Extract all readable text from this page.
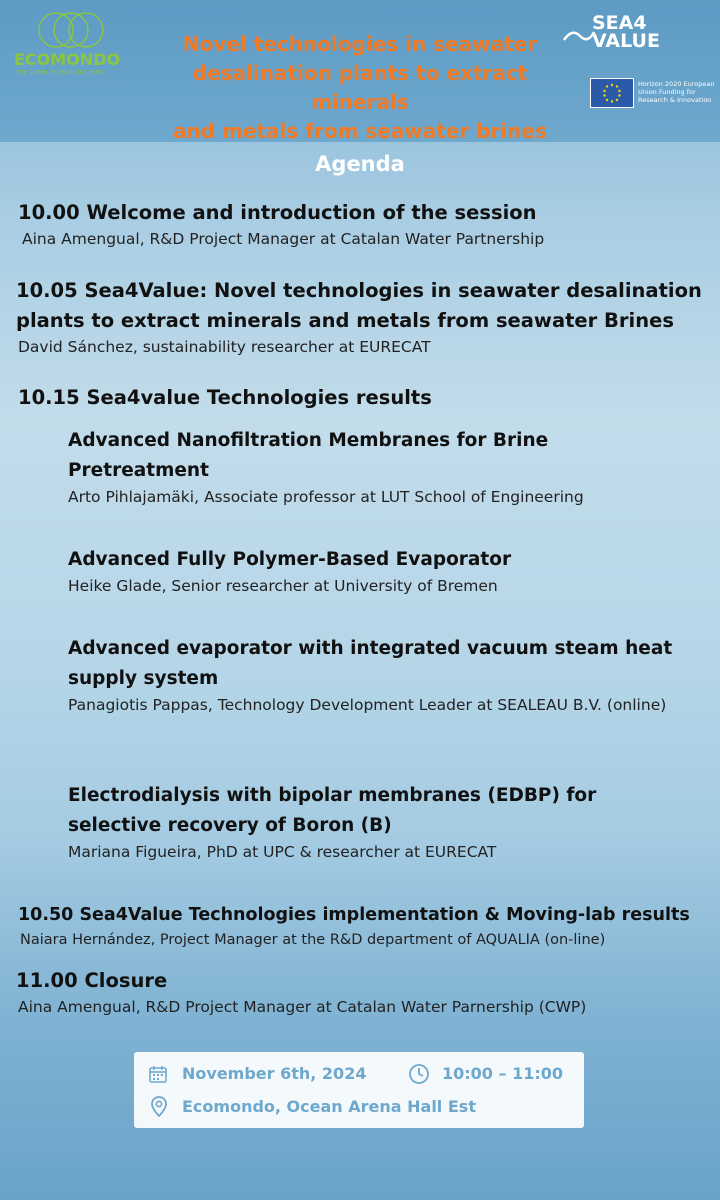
ECOMONDO
THE GREEN TECHNOLOGY EXPO
Novel technologies in seawater
desalination plants to extract minerals
and metals from seawater brines
SEA4
VALUE
Horizon 2020 European Union Funding for Research & Innovation
Agenda
10.00 Welcome and introduction of the session
Aina Amengual, R&D Project Manager at Catalan Water Partnership
10.05 Sea4Value: Novel technologies in seawater desalination plants to extract minerals and metals from seawater Brines
David Sánchez, sustainability researcher at EURECAT
10.15 Sea4value Technologies results
Advanced Nanofiltration Membranes for Brine Pretreatment
Arto Pihlajamäki, Associate professor at LUT School of Engineering
Advanced Fully Polymer-Based Evaporator
Heike Glade, Senior researcher at University of Bremen
Advanced evaporator with integrated vacuum steam heat supply system
Panagiotis Pappas, Technology Development Leader at SEALEAU B.V. (online)
Electrodialysis with bipolar membranes (EDBP) for selective recovery of Boron (B)
Mariana Figueira, PhD at UPC & researcher at EURECAT
10.50 Sea4Value Technologies implementation & Moving-lab results
Naiara Hernández, Project Manager at the R&D department of AQUALIA (on-line)
11.00 Closure
Aina Amengual, R&D Project Manager at Catalan Water Parnership (CWP)
November 6th, 2024	10:00 – 11:00
Ecomondo, Ocean Arena Hall Est
